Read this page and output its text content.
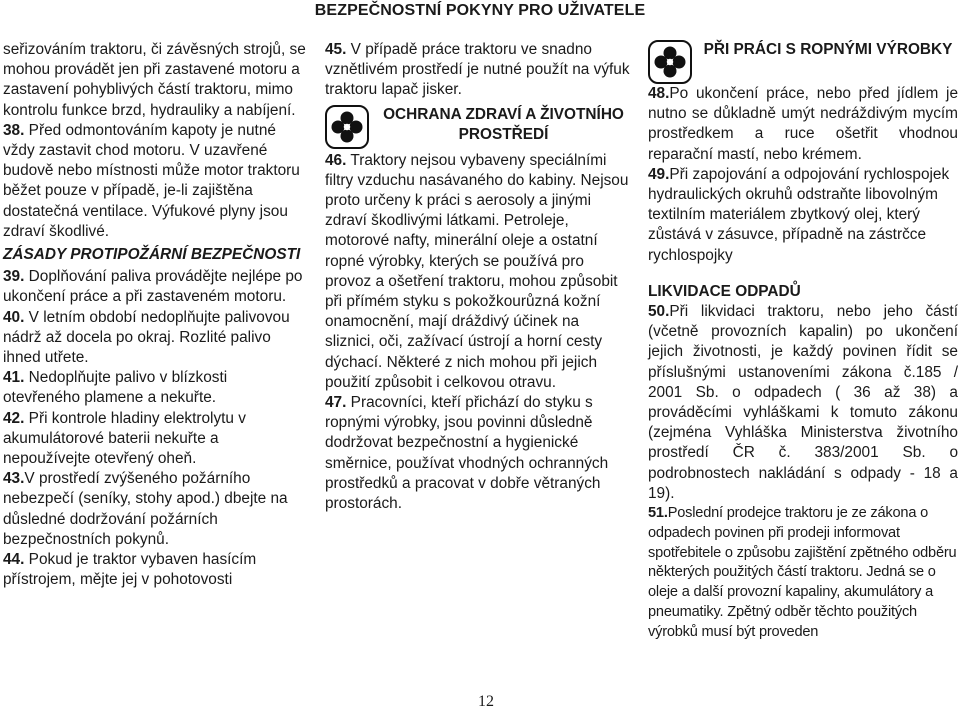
BEZPEČNOSTNÍ POKYNY PRO UŽIVATELE

seřizováním traktoru, či závěsných strojů, se mohou provádět jen při zastavené motoru a zastavení pohyblivých částí traktoru, mimo kontrolu funkce brzd, hydrauliky a nabíjení.

38. Před odmontováním kapoty je nutné vždy zastavit chod motoru. V uzavřené budově nebo místnosti může motor traktoru běžet pouze v případě, je-li zajištěna dostatečná ventilace. Výfukové plyny jsou zdraví škodlivé.

ZÁSADY PROTIPOŽÁRNÍ BEZPEČNOSTI

39. Doplňování paliva provádějte nejlépe po ukončení práce a při zastaveném motoru.

40. V letním období nedoplňujte palivovou nádrž až docela po okraj. Rozlité palivo ihned utřete.

41. Nedoplňujte palivo v blízkosti otevřeného plamene a nekuřte.

42. Při kontrole hladiny elektrolytu v akumulátorové baterii nekuřte a nepoužívejte otevřený oheň.

43.V prostředí zvýšeného požárního nebezpečí (seníky, stohy apod.) dbejte na důsledné dodržování požárních bezpečnostních pokynů.

44. Pokud je traktor vybaven hasícím přístrojem, mějte jej v pohotovosti

45. V případě práce traktoru ve snadno vznětlivém prostředí je nutné použít na výfuk traktoru lapač jisker.

OCHRANA ZDRAVÍ A ŽIVOTNÍHO PROSTŘEDÍ

46. Traktory nejsou vybaveny speciálními filtry vzduchu nasávaného do kabiny. Nejsou proto určeny k práci s aerosoly a jinými zdraví škodlivými látkami. Petroleje, motorové nafty, minerální oleje a ostatní ropné výrobky, kterých se používá pro provoz a ošetření traktoru, mohou způsobit při přímém styku s pokožkourůzná kožní onamocnění, mají dráždivý účinek na sliznici, oči, zažívací ústrojí a horní cesty dýchací. Některé z nich mohou při jejich použití způsobit i celkovou otravu.

47. Pracovníci, kteří přichází do styku s ropnými výrobky, jsou povinni důsledně dodržovat bezpečnostní a hygienické směrnice, používat vhodných ochranných prostředků a pracovat v dobře větraných prostorách.

PŘI PRÁCI S ROPNÝMI VÝROBKY

48.Po ukončení práce, nebo před jídlem je nutno se důkladně umýt nedráždivým mycím prostředkem a ruce ošetřit vhodnou reparační mastí, nebo krémem.

49.Při zapojování a odpojování rychlospojek hydraulických okruhů odstraňte libovolným textilním materiálem zbytkový olej, který zůstává v zásuvce, případně na zástrčce rychlospojky

LIKVIDACE ODPADŮ

50.Při likvidaci traktoru, nebo jeho částí (včetně provozních kapalin) po ukončení jejich životnosti, je každý povinen řídit se příslušnými ustanoveními zákona č.185 / 2001 Sb. o odpadech ( 36 až 38) a prováděcími vyhláškami k tomuto zákonu (zejména Vyhláška Ministerstva životního prostředí ČR č. 383/2001 Sb. o podrobnostech nakládání s odpady - 18 a 19).

51.Poslední prodejce traktoru je ze zákona o odpadech povinen při prodeji informovat spotřebitele o způsobu zajištění zpětného odběru některých použitých částí traktoru. Jedná se o oleje a další provozní kapaliny, akumulátory a pneumatiky. Zpětný odběr těchto použitých výrobků musí být proveden

12
